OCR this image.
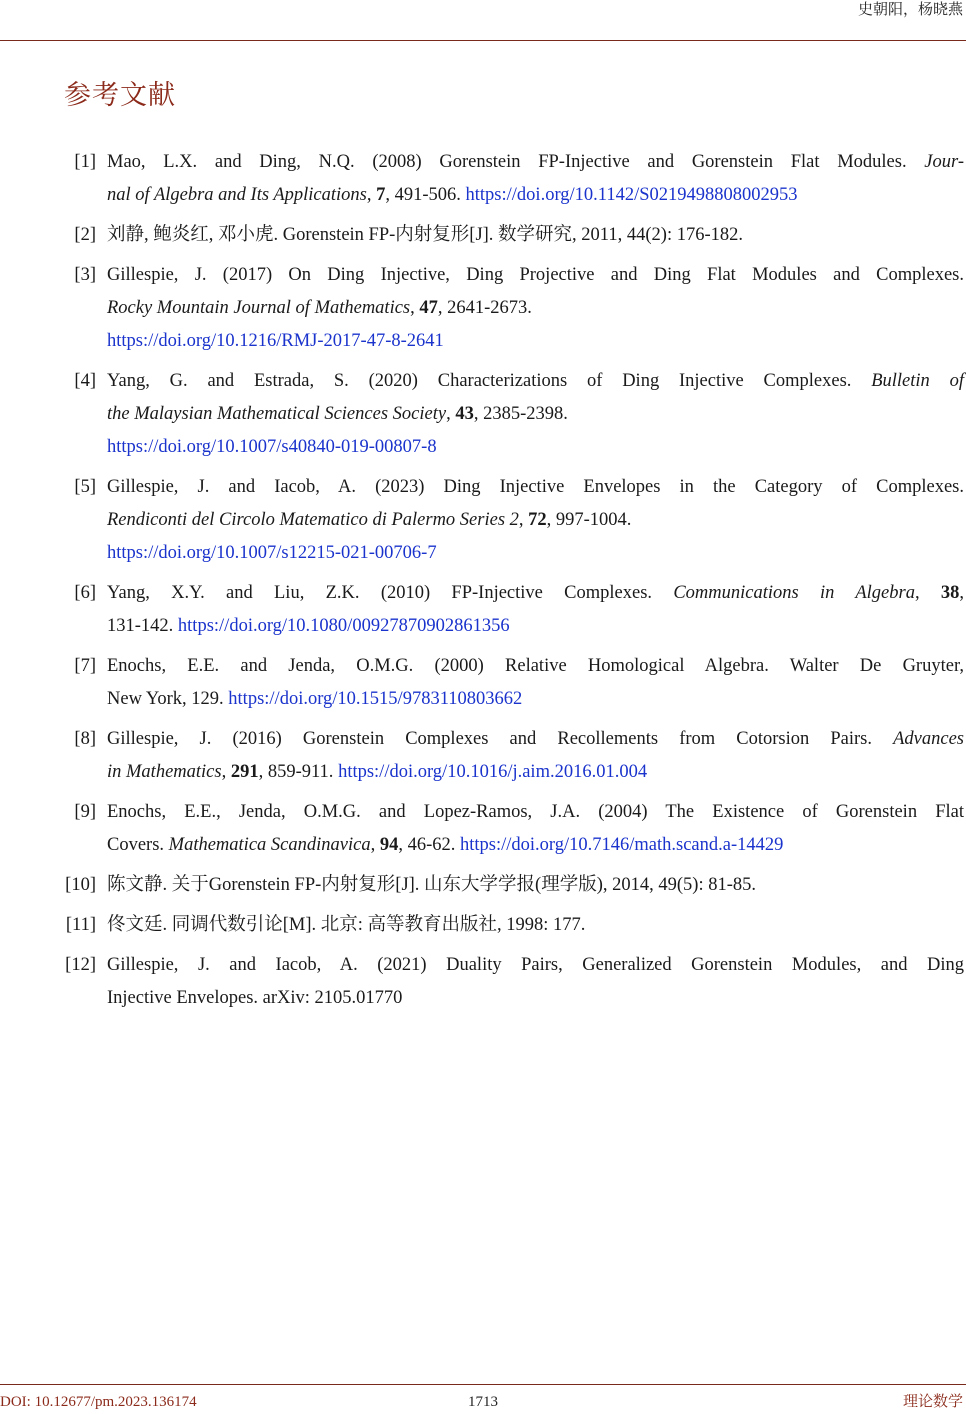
史朝阳，杨晓燕
参考文献
[1] Mao, L.X. and Ding, N.Q. (2008) Gorenstein FP-Injective and Gorenstein Flat Modules. Jour-
nal of Algebra and Its Applications, 7, 491-506. https://doi.org/10.1142/S0219498808002953
[2] 刘静, 鲍炎红, 邓小虎. Gorenstein FP-内射复形[J]. 数学研究, 2011, 44(2): 176-182.
[3] Gillespie, J. (2017) On Ding Injective, Ding Projective and Ding Flat Modules and Complexes.
Rocky Mountain Journal of Mathematics, 47, 2641-2673.
https://doi.org/10.1216/RMJ-2017-47-8-2641
[4] Yang, G. and Estrada, S. (2020) Characterizations of Ding Injective Complexes. Bulletin of
the Malaysian Mathematical Sciences Society, 43, 2385-2398.
https://doi.org/10.1007/s40840-019-00807-8
[5] Gillespie, J. and Iacob, A. (2023) Ding Injective Envelopes in the Category of Complexes.
Rendiconti del Circolo Matematico di Palermo Series 2, 72, 997-1004.
https://doi.org/10.1007/s12215-021-00706-7
[6] Yang, X.Y. and Liu, Z.K. (2010) FP-Injective Complexes. Communications in Algebra, 38,
131-142. https://doi.org/10.1080/00927870902861356
[7] Enochs, E.E. and Jenda, O.M.G. (2000) Relative Homological Algebra. Walter De Gruyter,
New York, 129. https://doi.org/10.1515/9783110803662
[8] Gillespie, J. (2016) Gorenstein Complexes and Recollements from Cotorsion Pairs. Advances
in Mathematics, 291, 859-911. https://doi.org/10.1016/j.aim.2016.01.004
[9] Enochs, E.E., Jenda, O.M.G. and Lopez-Ramos, J.A. (2004) The Existence of Gorenstein Flat
Covers. Mathematica Scandinavica, 94, 46-62. https://doi.org/10.7146/math.scand.a-14429
[10] 陈文静. 关于Gorenstein FP-内射复形[J]. 山东大学学报(理学版), 2014, 49(5): 81-85.
[11] 佟文廷. 同调代数引论[M]. 北京: 高等教育出版社, 1998: 177.
[12] Gillespie, J. and Iacob, A. (2021) Duality Pairs, Generalized Gorenstein Modules, and Ding
Injective Envelopes. arXiv: 2105.01770
DOI: 10.12677/pm.2023.136174	1713	理论数学
